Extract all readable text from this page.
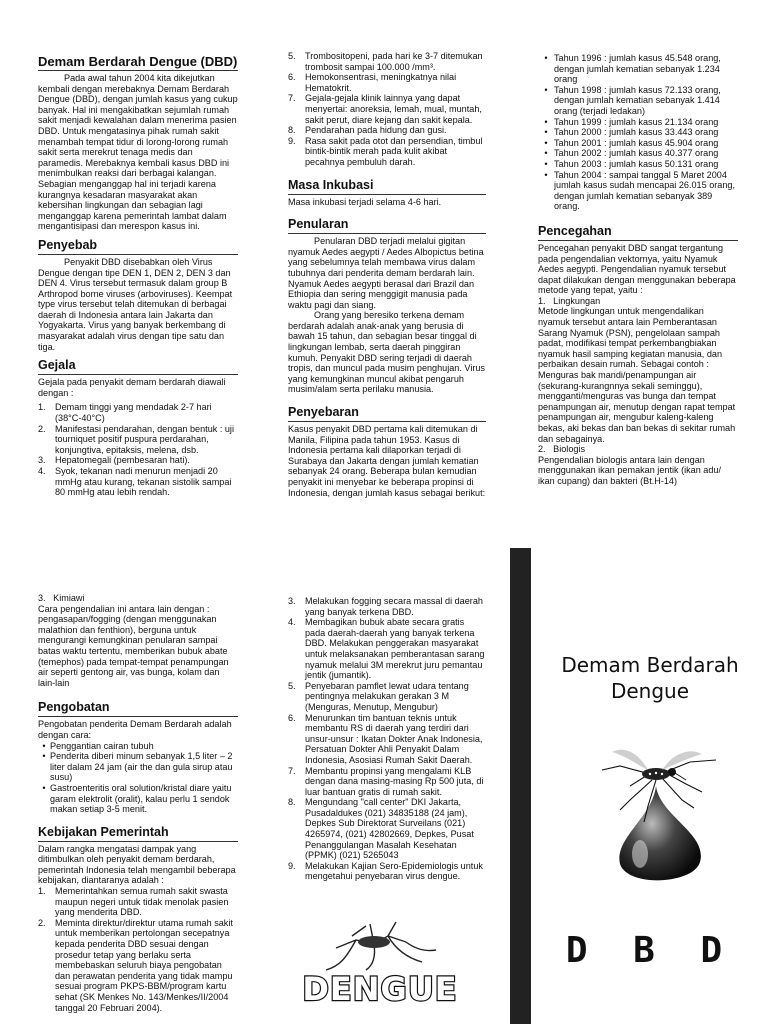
Demam Berdarah Dengue (DBD)

Pada awal tahun 2004 kita dikejutkan kembali dengan merebaknya Demam Berdarah Dengue (DBD), dengan jumlah kasus yang cukup banyak. Hal ini mengakibatkan sejumlah rumah sakit menjadi kewalahan dalam menerima pasien DBD. Untuk mengatasinya pihak rumah sakit menambah tempat tidur di lorong-lorong rumah sakit serta merekrut tenaga medis dan paramedis. Merebaknya kembali kasus DBD ini menimbulkan reaksi dari berbagai kalangan. Sebagian menganggap hal ini terjadi karena kurangnya kesadaran masyarakat akan kebersihan lingkungan dan sebagian lagi menganggap karena pemerintah lambat dalam mengantisipasi dan merespon kasus ini.

Penyebab

Penyakit DBD disebabkan oleh Virus Dengue dengan tipe DEN 1, DEN 2, DEN 3 dan DEN 4. Virus tersebut termasuk dalam group B Arthropod borne viruses (arboviruses). Keempat type virus tersebut telah ditemukan di berbagai daerah di Indonesia antara lain Jakarta dan Yogyakarta. Virus yang banyak berkembang di masyarakat adalah virus dengan tipe satu dan tiga.

Gejala

Gejala pada penyakit demam berdarah diawali dengan :

1.	Demam tinggi yang mendadak 2-7 hari (38°C-40°C)
2.	Manifestasi pendarahan, dengan bentuk : uji tourniquet positif puspura perdarahan, konjungtiva, epitaksis, melena, dsb.
3.	Hepatomegali (pembesaran hati).
4.	Syok, tekanan nadi menurun menjadi 20 mmHg atau kurang, tekanan sistolik sampai 80 mmHg atau lebih rendah.
5.	Trombositopeni, pada hari ke 3-7 ditemukan trombosit sampai 100.000 /mm³.
6.	Hemokonsentrasi, meningkatnya nilai Hematokrit.
7.	Gejala-gejala klinik lainnya yang dapat menyertai: anoreksia, lemah, mual, muntah, sakit perut, diare kejang dan sakit kepala.
8.	Pendarahan pada hidung dan gusi.
9.	Rasa sakit pada otot dan persendian, timbul bintik-bintik merah pada kulit akibat pecahnya pembuluh darah.
Masa Inkubasi

Masa inkubasi terjadi selama 4-6 hari.

Penularan

Penularan DBD terjadi melalui gigitan nyamuk Aedes aegypti / Aedes Albopictus betina yang sebelumnya telah membawa virus dalam tubuhnya dari penderita demam berdarah lain. Nyamuk Aedes aegypti berasal dari Brazil dan Ethiopia dan sering menggigit manusia pada waktu pagi dan siang.

Orang yang beresiko terkena demam berdarah adalah anak-anak yang berusia di bawah 15 tahun, dan sebagian besar tinggal di lingkungan lembab, serta daerah pinggiran kumuh. Penyakit DBD sering terjadi di daerah tropis, dan muncul pada musim penghujan. Virus yang kemungkinan muncul akibat pengaruh musim/alam serta perilaku manusia.

Penyebaran

Kasus penyakit DBD pertama kali ditemukan di Manila, Filipina pada tahun 1953. Kasus di Indonesia pertama kali dilaporkan terjadi di Surabaya dan Jakarta dengan jumlah kematian sebanyak 24 orang. Beberapa bulan kemudian penyakit ini menyebar ke beberapa propinsi di Indonesia, dengan jumlah kasus sebagai berikut:

• Tahun 1996 : jumlah kasus 45.548 orang, dengan jumlah kematian sebanyak 1.234 orang
• Tahun 1998 : jumlah kasus 72.133 orang, dengan jumlah kematian sebanyak 1.414 orang (terjadi ledakan)
• Tahun 1999 : jumlah kasus 21.134 orang
• Tahun 2000 : jumlah kasus 33.443 orang
• Tahun 2001 : jumlah kasus 45.904 orang
• Tahun 2002 : jumlah kasus 40.377 orang
• Tahun 2003 : jumlah kasus 50.131 orang
• Tahun 2004 : sampai tanggal 5 Maret 2004 jumlah kasus sudah mencapai 26.015 orang, dengan jumlah kematian sebanyak 389 orang.
Pencegahan

Pencegahan penyakit DBD sangat tergantung pada pengendalian vektornya, yaitu Nyamuk Aedes aegypti. Pengendalian nyamuk tersebut dapat dilakukan dengan menggunakan beberapa metode yang tepat, yaitu :

1.   Lingkungan

Metode lingkungan untuk mengendalikan nyamuk tersebut antara lain Pemberantasan Sarang Nyamuk (PSN), pengelolaan sampah padat, modifikasi tempat perkembangbiakan nyamuk hasil samping kegiatan manusia, dan perbaikan desain rumah. Sebagai contoh : Menguras bak mandi/penampungan air (sekurang-kurangnnya sekali seminggu), mengganti/menguras vas bunga dan tempat penampungan air, menutup dengan rapat tempat penampungan air, mengubur kaleng-kaleng bekas, aki bekas dan ban bekas di sekitar rumah dan sebagainya.

2.   Biologis

Pengendalian biologis antara lain dengan menggunakan ikan pemakan jentik (ikan adu/ ikan cupang) dan bakteri (Bt.H-14)

3.   Kimiawi

Cara pengendalian ini antara lain dengan : pengasapan/fogging (dengan menggunakan malathion dan fenthion), berguna untuk mengurangi kemungkinan penularan sampai batas waktu tertentu, memberikan bubuk abate (temephos) pada tempat-tempat penampungan air seperti gentong air, vas bunga, kolam dan lain-lain

Pengobatan

Pengobatan penderita Demam Berdarah adalah dengan cara:

• Penggantian cairan tubuh
• Penderita diberi minum sebanyak 1,5 liter – 2 liter dalam 24 jam (air the dan gula sirup atau susu)
• Gastroenteritis oral solution/kristal diare yaitu garam elektrolit (oralit), kalau perlu 1 sendok makan setiap 3-5 menit.
Kebijakan Pemerintah

Dalam rangka mengatasi dampak yang ditimbulkan oleh penyakit demam berdarah, pemerintah Indonesia telah mengambil beberapa kebijakan, diantaranya adalah :

1.	Memerintahkan semua rumah sakit swasta maupun negeri untuk tidak menolak pasien yang menderita DBD.
2.	Meminta direktur/direktur utama rumah sakit untuk memberikan pertolongan secepatnya kepada penderita DBD sesuai dengan prosedur tetap yang berlaku serta membebaskan seluruh biaya pengobatan dan perawatan penderita yang tidak mampu sesuai program PKPS-BBM/program kartu sehat (SK Menkes No. 143/Menkes/II/2004 tanggal 20 Februari 2004).
3.	Melakukan fogging secara massal di daerah yang banyak terkena DBD.
4.	Membagikan bubuk abate secara gratis pada daerah-daerah yang banyak terkena DBD. Melakukan penggerakan masyarakat untuk melaksanakan pemberantasan sarang nyamuk melalui 3M merekrut juru pemantau jentik (jumantik).
5.	Penyebaran pamflet lewat udara tentang pentingnya melakukan gerakan 3 M (Menguras, Menutup, Mengubur)
6.	Menurunkan tim bantuan teknis untuk membantu RS di daerah yang terdiri dari unsur-unsur : Ikatan Dokter Anak Indonesia, Persatuan Dokter Ahli Penyakit Dalam Indonesia, Asosiasi Rumah Sakit Daerah.
7.	Membantu propinsi yang mengalami KLB dengan dana masing-masing Rp 500 juta, di luar bantuan gratis di rumah sakit.
8.	Mengundang "call center" DKI Jakarta, Pusadaldukes (021) 34835188 (24 jam), Depkes Sub Direktorat Surveilans (021) 4265974, (021) 42802669, Depkes, Pusat Penanggulangan Masalah Kesehatan (PPMK) (021) 5265043
9.	Melakukan Kajian Sero-Epidemiologis untuk mengetahui penyebaran virus dengue.
DENGUE
Demam Berdarah
Dengue
D B D
